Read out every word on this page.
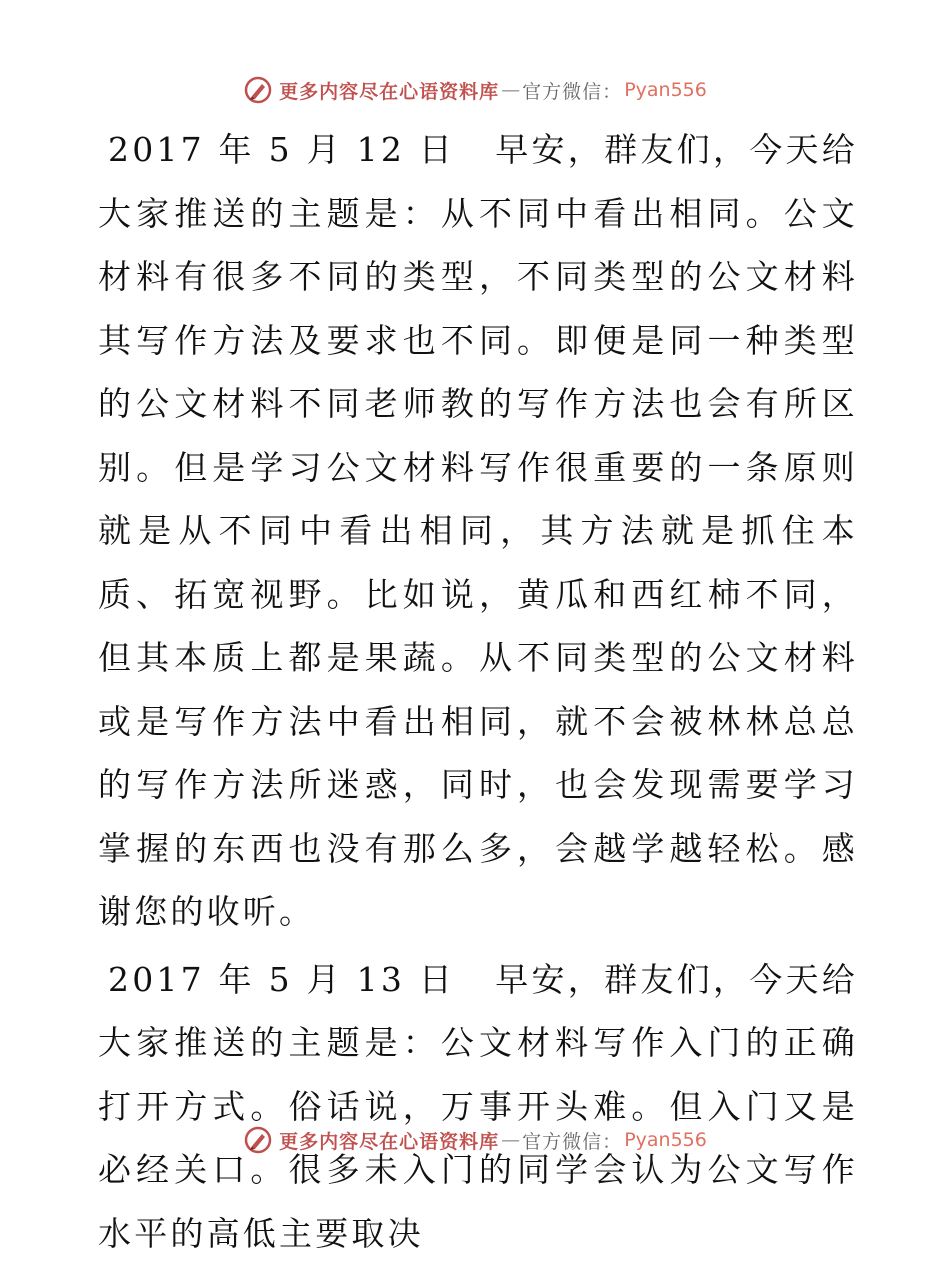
更多内容尽在心语资料库 — 官方微信： Pyan556

2017 年 5 月 12 日 早安，群友们，今天给大家推送的主题是：从不同中看出相同。公文材料有很多不同的类型，不同类型的公文材料其写作方法及要求也不同。即便是同一种类型的公文材料不同老师教的写作方法也会有所区别。但是学习公文材料写作很重要的一条原则就是从不同中看出相同，其方法就是抓住本质、拓宽视野。比如说，黄瓜和西红柿不同，但其本质上都是果蔬。从不同类型的公文材料或是写作方法中看出相同，就不会被林林总总的写作方法所迷惑，同时，也会发现需要学习掌握的东西也没有那么多，会越学越轻松。感谢您的收听。

2017 年 5 月 13 日 早安，群友们，今天给大家推送的主题是：公文材料写作入门的正确打开方式。俗话说，万事开头难。但入门又是必经关口。很多未入门的同学会认为公文写作水平的高低主要取决

更多内容尽在心语资料库 — 官方微信： Pyan556
